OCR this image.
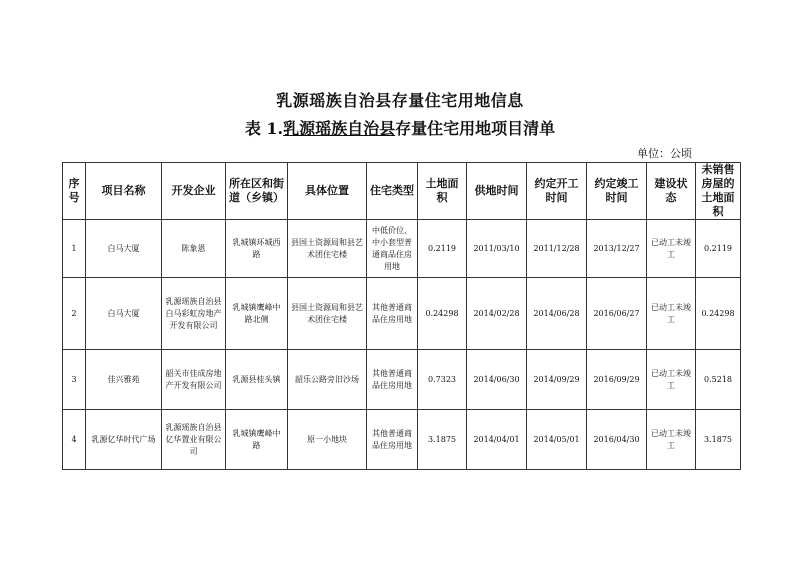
乳源瑶族自治县存量住宅用地信息
表 1.乳源瑶族自治县存量住宅用地项目清单
单位：公顷
序号	项目名称	开发企业	所在区和街道（乡镇）	具体位置	住宅类型	土地面积	供地时间	约定开工时间	约定竣工时间	建设状态	未销售房屋的土地面积
1	白马大厦	陈象恩	乳城镇环城西路	县国土资源局和县艺术团住宅楼	中低价位、中小套型普通商品住房用地	0.2119	2011/03/10	2011/12/28	2013/12/27	已动工未竣工	0.2119
2	白马大厦	乳源瑶族自治县白马彩虹房地产开发有限公司	乳城镇鹰峰中路北侧	县国土资源局和县艺术团住宅楼	其他普通商品住房用地	0.24298	2014/02/28	2014/06/28	2016/06/27	已动工未竣工	0.24298
3	佳兴雅苑	韶关市佳成房地产开发有限公司	乳源县桂头镇	韶乐公路旁旧沙场	其他普通商品住房用地	0.7323	2014/06/30	2014/09/29	2016/09/29	已动工未竣工	0.5218
4	乳源亿华时代广场	乳源瑶族自治县亿华置业有限公司	乳城镇鹰峰中路	原一小地块	其他普通商品住房用地	3.1875	2014/04/01	2014/05/01	2016/04/30	已动工未竣工	3.1875
